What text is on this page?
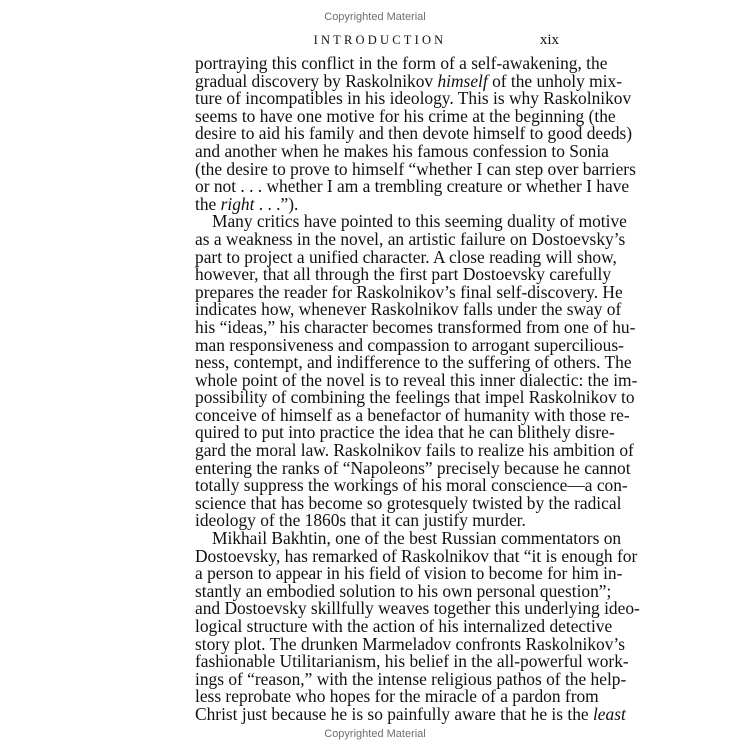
Copyrighted Material
INTRODUCTION	xix
portraying this conflict in the form of a self-awakening, the
gradual discovery by Raskolnikov himself of the unholy mix-
ture of incompatibles in his ideology. This is why Raskolnikov
seems to have one motive for his crime at the beginning (the
desire to aid his family and then devote himself to good deeds)
and another when he makes his famous confession to Sonia
(the desire to prove to himself “whether I can step over barriers
or not . . . whether I am a trembling creature or whether I have
the right . . .”).
Many critics have pointed to this seeming duality of motive
as a weakness in the novel, an artistic failure on Dostoevsky’s
part to project a unified character. A close reading will show,
however, that all through the first part Dostoevsky carefully
prepares the reader for Raskolnikov’s final self-discovery. He
indicates how, whenever Raskolnikov falls under the sway of
his “ideas,” his character becomes transformed from one of hu-
man responsiveness and compassion to arrogant supercilious-
ness, contempt, and indifference to the suffering of others. The
whole point of the novel is to reveal this inner dialectic: the im-
possibility of combining the feelings that impel Raskolnikov to
conceive of himself as a benefactor of humanity with those re-
quired to put into practice the idea that he can blithely disre-
gard the moral law. Raskolnikov fails to realize his ambition of
entering the ranks of “Napoleons” precisely because he cannot
totally suppress the workings of his moral conscience—a con-
science that has become so grotesquely twisted by the radical
ideology of the 1860s that it can justify murder.
Mikhail Bakhtin, one of the best Russian commentators on
Dostoevsky, has remarked of Raskolnikov that “it is enough for
a person to appear in his field of vision to become for him in-
stantly an embodied solution to his own personal question”;
and Dostoevsky skillfully weaves together this underlying ideo-
logical structure with the action of his internalized detective
story plot. The drunken Marmeladov confronts Raskolnikov’s
fashionable Utilitarianism, his belief in the all-powerful work-
ings of “reason,” with the intense religious pathos of the help-
less reprobate who hopes for the miracle of a pardon from
Christ just because he is so painfully aware that he is the least
Copyrighted Material
